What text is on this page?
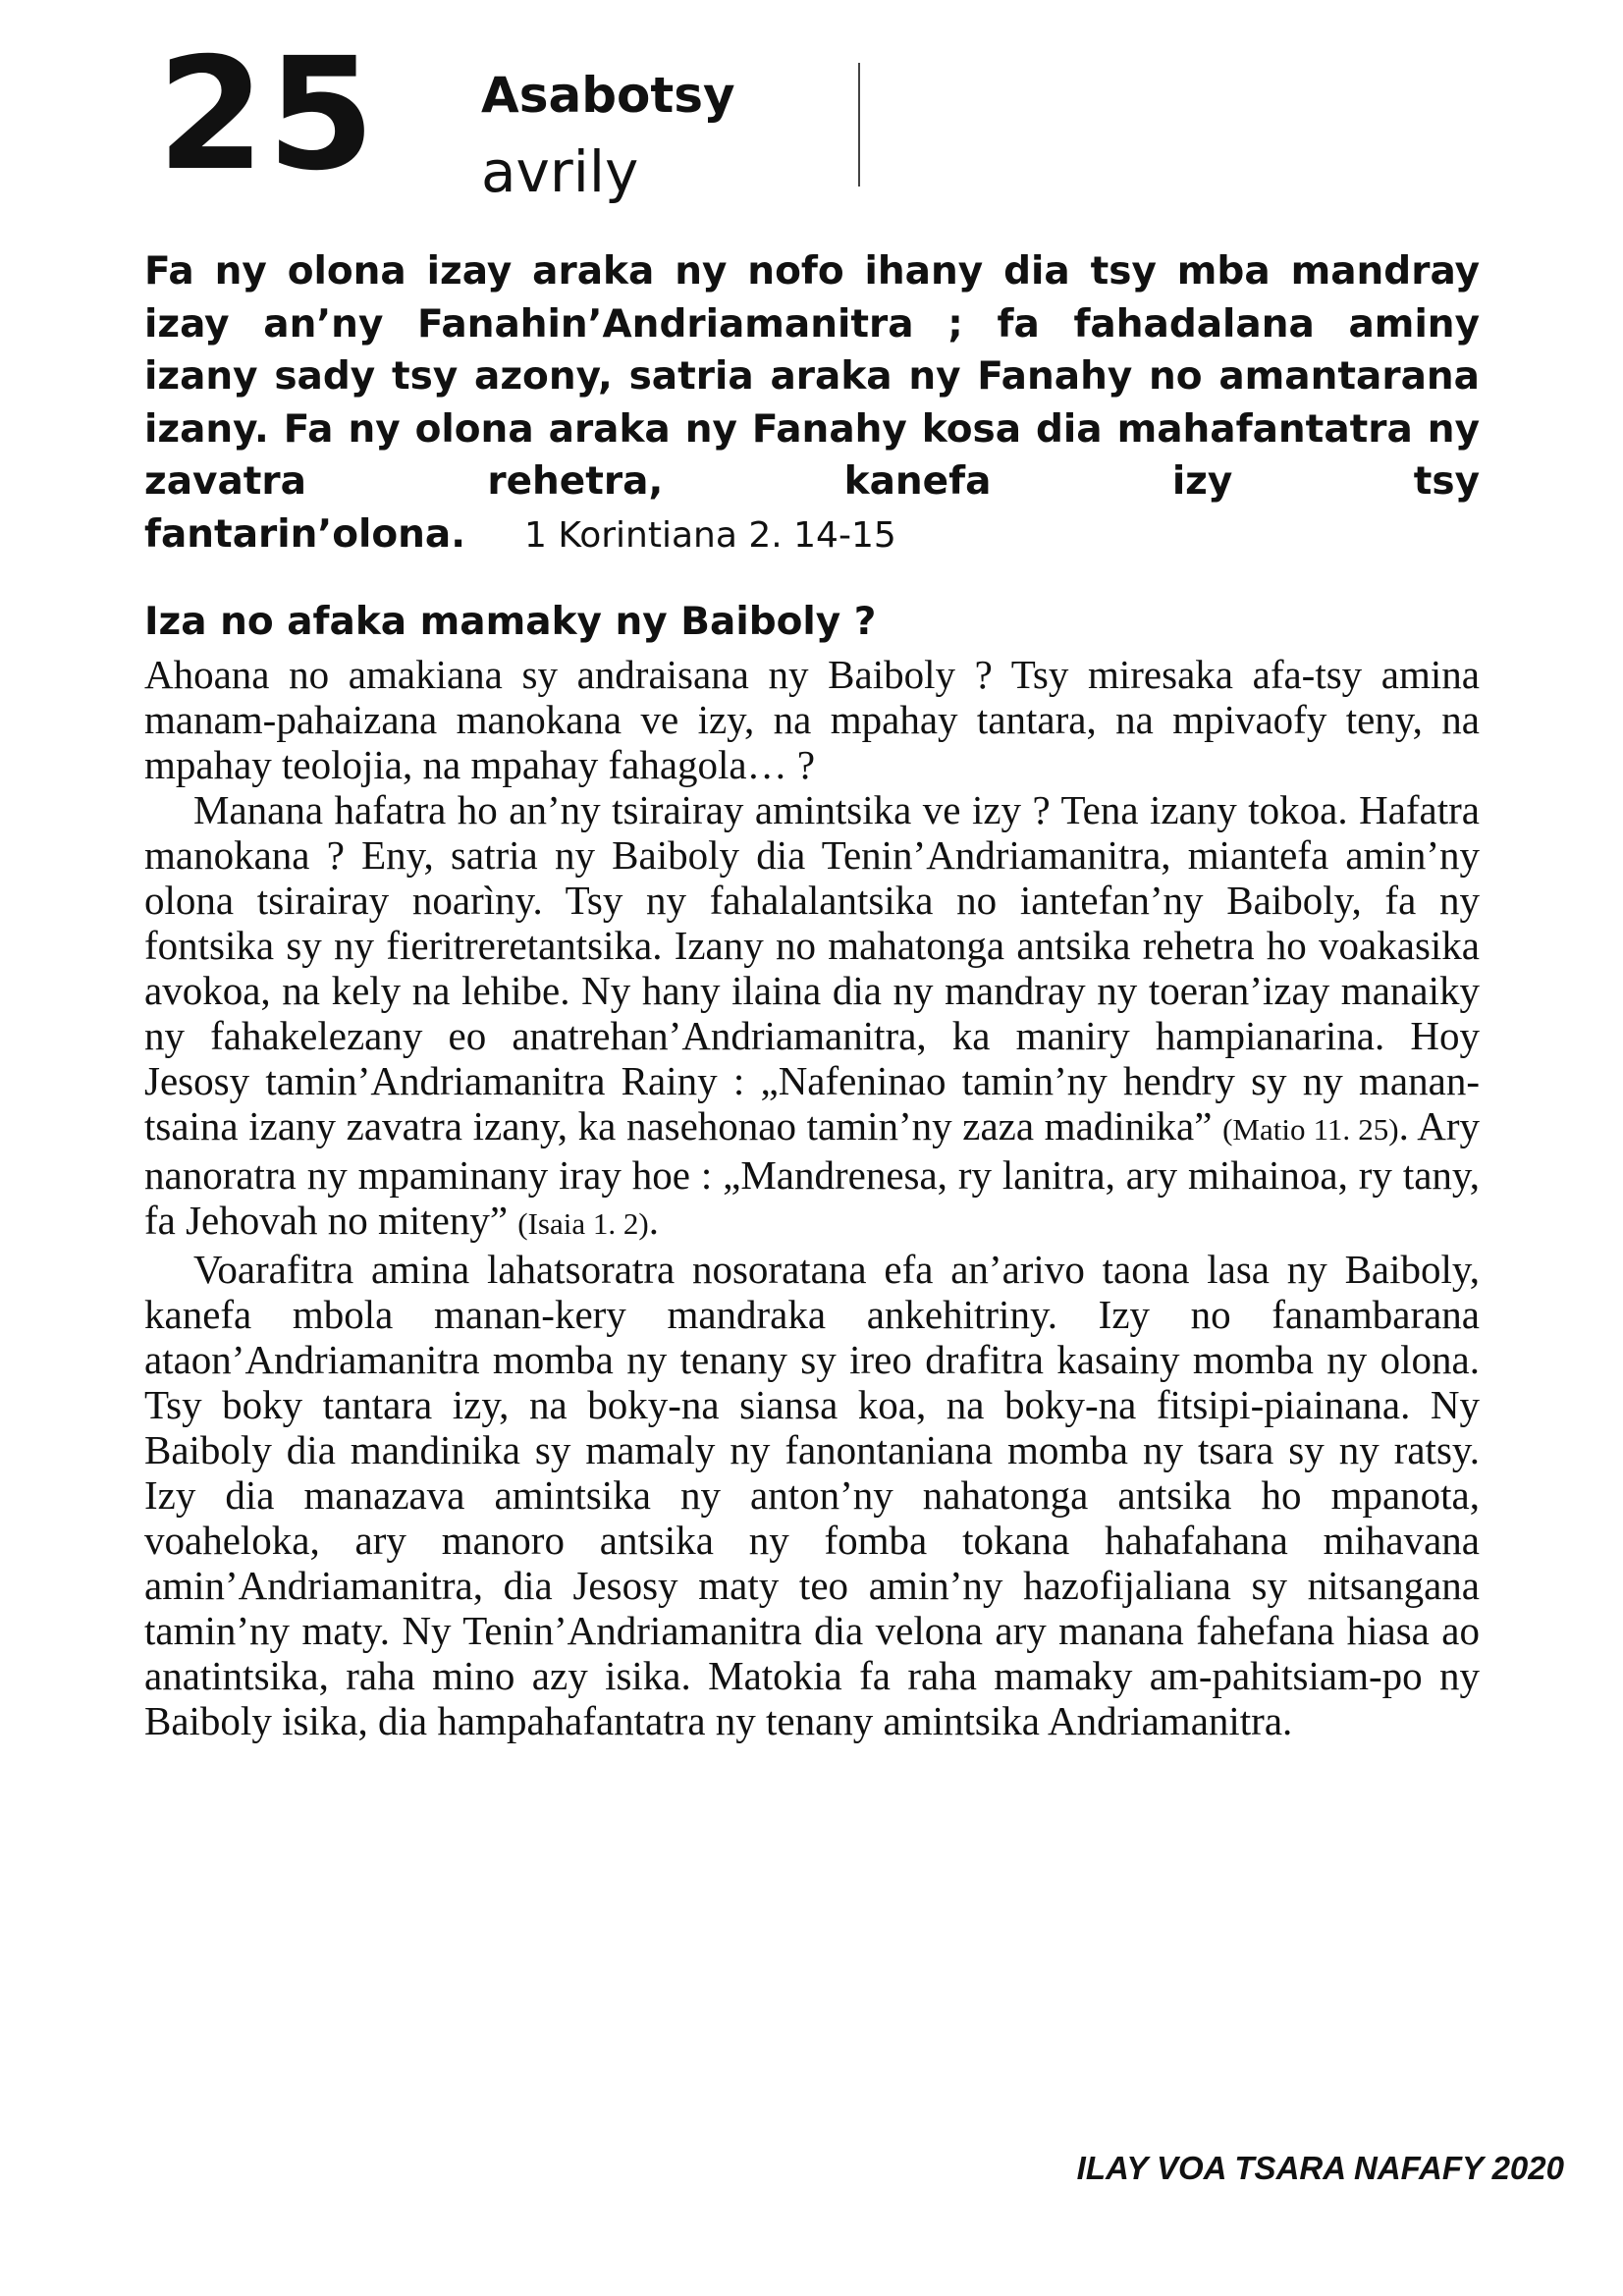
25 Asabotsy
avrily
Fa ny olona izay araka ny nofo ihany dia tsy mba mandray izay an’ny Fanahin’Andriamanitra ; fa fahadalana aminy izany sady tsy azony, satria araka ny Fanahy no amantarana izany. Fa ny olona araka ny Fanahy kosa dia mahafantatra ny zavatra rehetra, kanefa izy tsy fantarin’olona. 1 Korintiana 2. 14-15
Iza no afaka mamaky ny Baiboly ?

Ahoana no amakiana sy andraisana ny Baiboly ? Tsy miresaka afa-tsy amina manam-pahaizana manokana ve izy, na mpahay tantara, na mpivaofy teny, na mpahay teolojia, na mpahay fahagola… ?

Manana hafatra ho an’ny tsirairay amintsika ve izy ? Tena izany tokoa. Hafatra manokana ? Eny, satria ny Baiboly dia Tenin’Andriamanitra, miantefa amin’ny olona tsirairay noarìny. Tsy ny fahalalantsika no iantefan’ny Baiboly, fa ny fontsika sy ny fieritreretantsika. Izany no mahatonga antsika rehetra ho voakasika avokoa, na kely na lehibe. Ny hany ilaina dia ny mandray ny toeran’izay manaiky ny fahakelezany eo anatrehan’Andriamanitra, ka maniry hampianarina. Hoy Jesosy tamin’Andriamanitra Rainy : „Nafeninao tamin’ny hendry sy ny manan-tsaina izany zavatra izany, ka nasehonao tamin’ny zaza madinika” (Matio 11. 25). Ary nanoratra ny mpaminany iray hoe : „Mandrenesa, ry lanitra, ary mihainoa, ry tany, fa Jehovah no miteny” (Isaia 1. 2).

Voarafitra amina lahatsoratra nosoratana efa an’arivo taona lasa ny Baiboly, kanefa mbola manan-kery mandraka ankehitriny. Izy no fanambarana ataon’Andriamanitra momba ny tenany sy ireo drafitra kasainy momba ny olona. Tsy boky tantara izy, na boky-na siansa koa, na boky-na fitsipi-piainana. Ny Baiboly dia mandinika sy mamaly ny fanontaniana momba ny tsara sy ny ratsy. Izy dia manazava amintsika ny anton’ny nahatonga antsika ho mpanota, voaheloka, ary manoro antsika ny fomba tokana hahafahana mihavana amin’Andriamanitra, dia Jesosy maty teo amin’ny hazofijaliana sy nitsangana tamin’ny maty. Ny Tenin’Andriamanitra dia velona ary manana fahefana hiasa ao anatintsika, raha mino azy isika. Matokia fa raha mamaky am-pahitsiam-po ny Baiboly isika, dia hampahafantatra ny tenany amintsika Andriamanitra.

ILAY VOA TSARA NAFAFY 2020
